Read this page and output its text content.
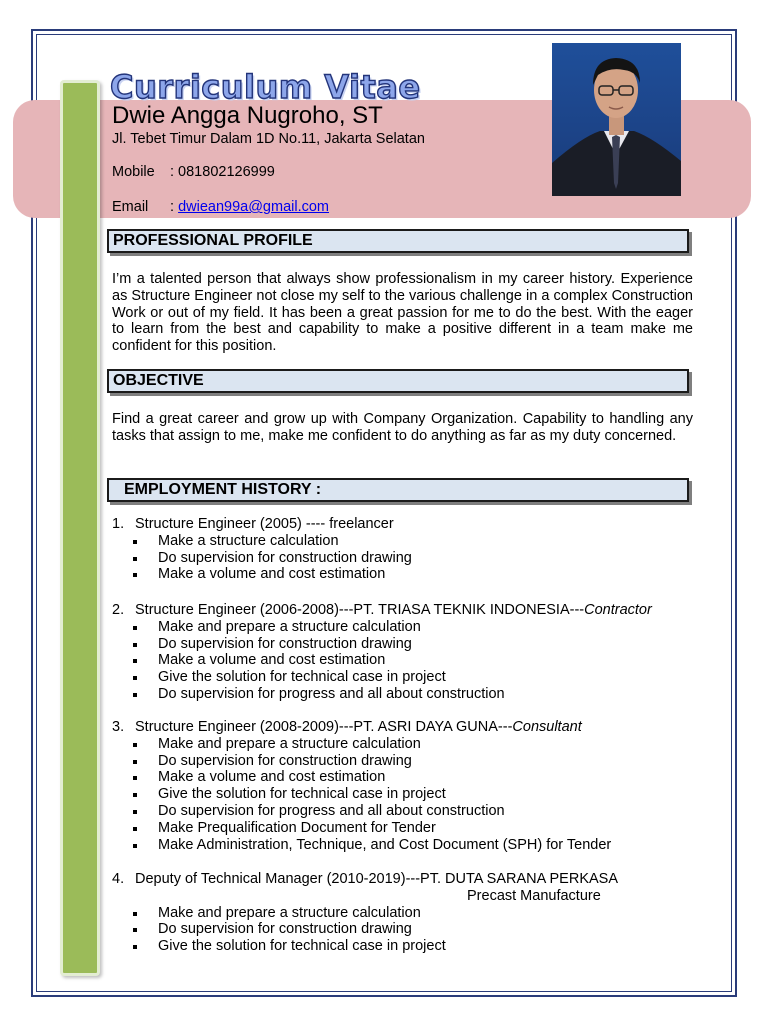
Curriculum Vitae
Dwie Angga Nugroho, ST
Jl. Tebet Timur Dalam 1D No.11, Jakarta Selatan
Mobile : 081802126999
Email : dwiean99a@gmail.com
PROFESSIONAL PROFILE
I’m a talented person that always show professionalism in my career history. Experience as Structure Engineer not close my self to the various challenge in a complex Construction Work or out of my field. It has been a great passion for me to do the best. With the eager to learn from the best and capability to make a positive different in a team make me confident for this position.
OBJECTIVE
Find a great career and grow up with Company Organization. Capability to handling any tasks that assign to me, make me confident to do anything as far as my duty concerned.
EMPLOYMENT HISTORY :
1. Structure Engineer (2005) ---- freelancer
Make a structure calculation
Do supervision for construction drawing
Make a volume and cost estimation
2. Structure Engineer (2006-2008)---PT. TRIASA TEKNIK INDONESIA---Contractor
Make and prepare a structure calculation
Do supervision for construction drawing
Make a volume and cost estimation
Give the solution for technical case in project
Do supervision for progress and all about construction
3. Structure Engineer (2008-2009)---PT. ASRI DAYA GUNA---Consultant
Make and prepare a structure calculation
Do supervision for construction drawing
Make a volume and cost estimation
Give the solution for technical case in project
Do supervision for progress and all about construction
Make Prequalification Document for Tender
Make Administration, Technique, and Cost Document (SPH) for Tender
4. Deputy of Technical Manager (2010-2019)---PT. DUTA SARANA PERKASA
Precast Manufacture
Make and prepare a structure calculation
Do supervision for construction drawing
Give the solution for technical case in project
